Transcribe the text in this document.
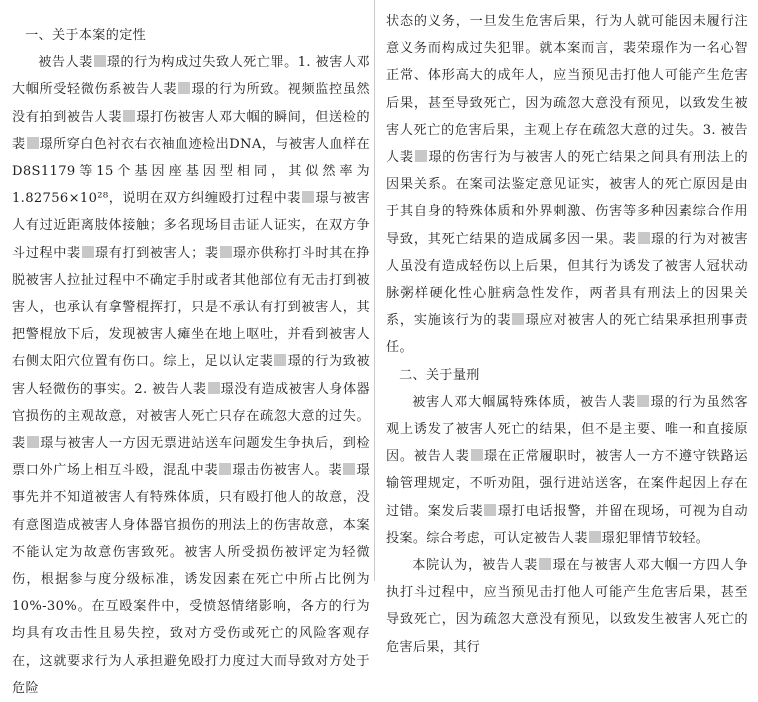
一、关于本案的定性

被告人裴 璟的行为构成过失致人死亡罪。1. 被害人邓大帼所受轻微伤系被告人裴 璟的行为所致。视频监控虽然没有拍到被告人裴 璟打伤被害人邓大帼的瞬间，但送检的裴 璟所穿白色衬衣右衣袖血迹检出DNA，与被害人血样在D8S1179等15个基因座基因型相同，其似然率为1.82756×10²⁸，说明在双方纠缠殴打过程中裴 璟与被害人有过近距离肢体接触；多名现场目击证人证实，在双方争斗过程中裴 璟有打到被害人；裴 璟亦供称打斗时其在挣脱被害人拉扯过程中不确定手肘或者其他部位有无击打到被害人，也承认有拿警棍挥打，只是不承认有打到被害人，其把警棍放下后，发现被害人瘫坐在地上呕吐，并看到被害人右侧太阳穴位置有伤口。综上，足以认定裴 璟的行为致被害人轻微伤的事实。2. 被告人裴 璟没有造成被害人身体器官损伤的主观故意，对被害人死亡只存在疏忽大意的过失。裴 璟与被害人一方因无票进站送车问题发生争执后，到检票口外广场上相互斗殴，混乱中裴 璟击伤被害人。裴 璟事先并不知道被害人有特殊体质，只有殴打他人的故意，没有意图造成被害人身体器官损伤的刑法上的伤害故意，本案不能认定为故意伤害致死。被害人所受损伤被评定为轻微伤，根据参与度分级标准，诱发因素在死亡中所占比例为10%-30%。在互殴案件中，受愤怒情绪影响，各方的行为均具有攻击性且易失控，致对方受伤或死亡的风险客观存在，这就要求行为人承担避免殴打力度过大而导致对方处于危险

状态的义务，一旦发生危害后果，行为人就可能因未履行注意义务而构成过失犯罪。就本案而言，裴荣璟作为一名心智正常、体形高大的成年人，应当预见击打他人可能产生危害后果，甚至导致死亡，因为疏忽大意没有预见，以致发生被害人死亡的危害后果，主观上存在疏忽大意的过失。3. 被告人裴 璟的伤害行为与被害人的死亡结果之间具有刑法上的因果关系。在案司法鉴定意见证实，被害人的死亡原因是由于其自身的特殊体质和外界刺激、伤害等多种因素综合作用导致，其死亡结果的造成属多因一果。裴 璟的行为对被害人虽没有造成轻伤以上后果，但其行为诱发了被害人冠状动脉粥样硬化性心脏病急性发作，两者具有刑法上的因果关系，实施该行为的裴 璟应对被害人的死亡结果承担刑事责任。

二、关于量刑

被害人邓大帼属特殊体质，被告人裴 璟的行为虽然客观上诱发了被害人死亡的结果，但不是主要、唯一和直接原因。被告人裴 璟在正常履职时，被害人一方不遵守铁路运输管理规定，不听劝阻，强行进站送客，在案件起因上存在过错。案发后裴 璟打电话报警，并留在现场，可视为自动投案。综合考虑，可认定被告人裴 璟犯罪情节较轻。

本院认为，被告人裴 璟在与被害人邓大帼一方四人争执打斗过程中，应当预见击打他人可能产生危害后果，甚至导致死亡，因为疏忽大意没有预见，以致发生被害人死亡的危害后果，其行
